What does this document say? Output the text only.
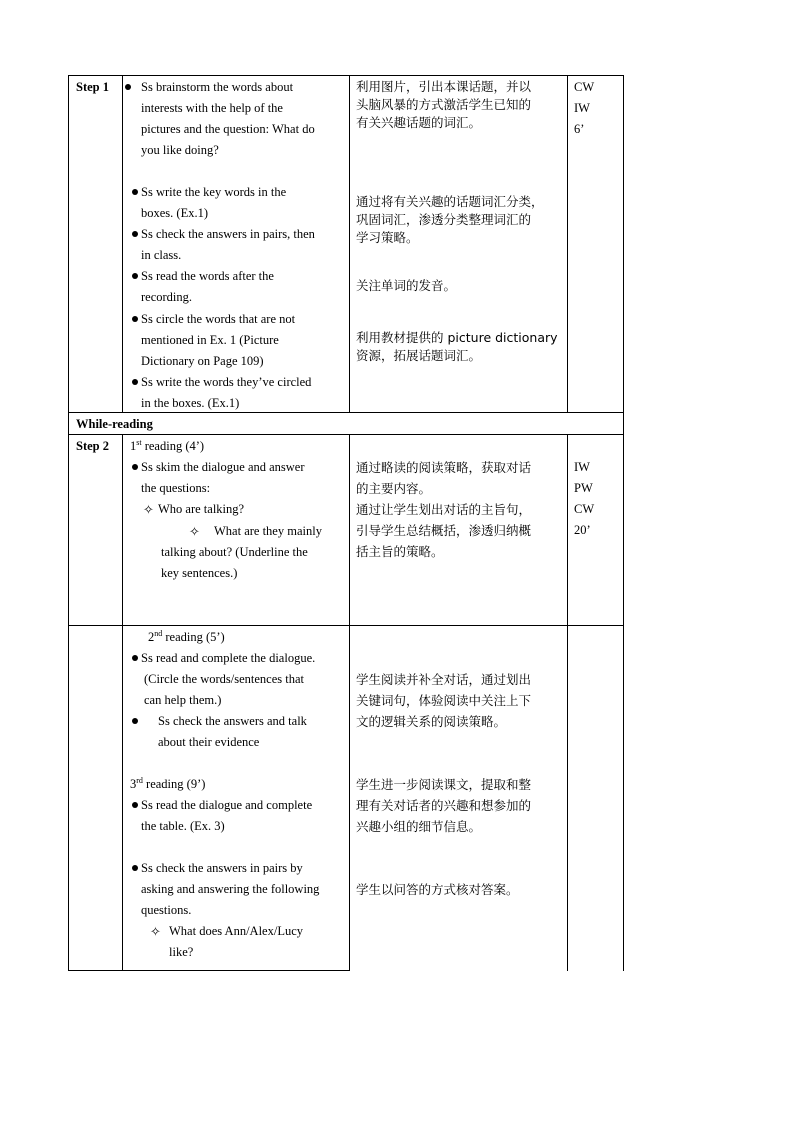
Step 1	Ss brainstorm the words about
interests with the help of the
pictures and the question: What do
you like doing?
Ss write the key words in the
boxes. (Ex.1)
Ss check the answers in pairs, then
in class.
Ss read the words after the
recording.
Ss circle the words that are not
mentioned in Ex. 1 (Picture
Dictionary on Page 109)
Ss write the words they’ve circled
in the boxes. (Ex.1)
利用图片，引出本课话题，并以
头脑风暴的方式激活学生已知的
有关兴趣话题的词汇。
通过将有关兴趣的话题词汇分类，
巩固词汇，渗透分类整理词汇的
学习策略。
关注单词的发音。
利用教材提供的 picture dictionary
资源，拓展话题词汇。
CW
IW
6’
While-reading
Step 2 1st reading (4’)
Ss skim the dialogue and answer
the questions:
✧ Who are talking?
✧ What are they mainly
talking about? (Underline the
key sentences.)
通过略读的阅读策略，获取对话
的主要内容。
通过让学生划出对话的主旨句，
引导学生总结概括，渗透归纳概
括主旨的策略。
IW
PW
CW
20’
2nd reading (5’)
Ss read and complete the dialogue.
(Circle the words/sentences that
can help them.)
Ss check the answers and talk
about their evidence
3rd reading (9’)
Ss read the dialogue and complete
the table. (Ex. 3)
Ss check the answers in pairs by
asking and answering the following
questions.
✧ What does Ann/Alex/Lucy
like?
学生阅读并补全对话，通过划出
关键词句，体验阅读中关注上下
文的逻辑关系的阅读策略。
学生进一步阅读课文，提取和整
理有关对话者的兴趣和想参加的
兴趣小组的细节信息。
学生以问答的方式核对答案。
